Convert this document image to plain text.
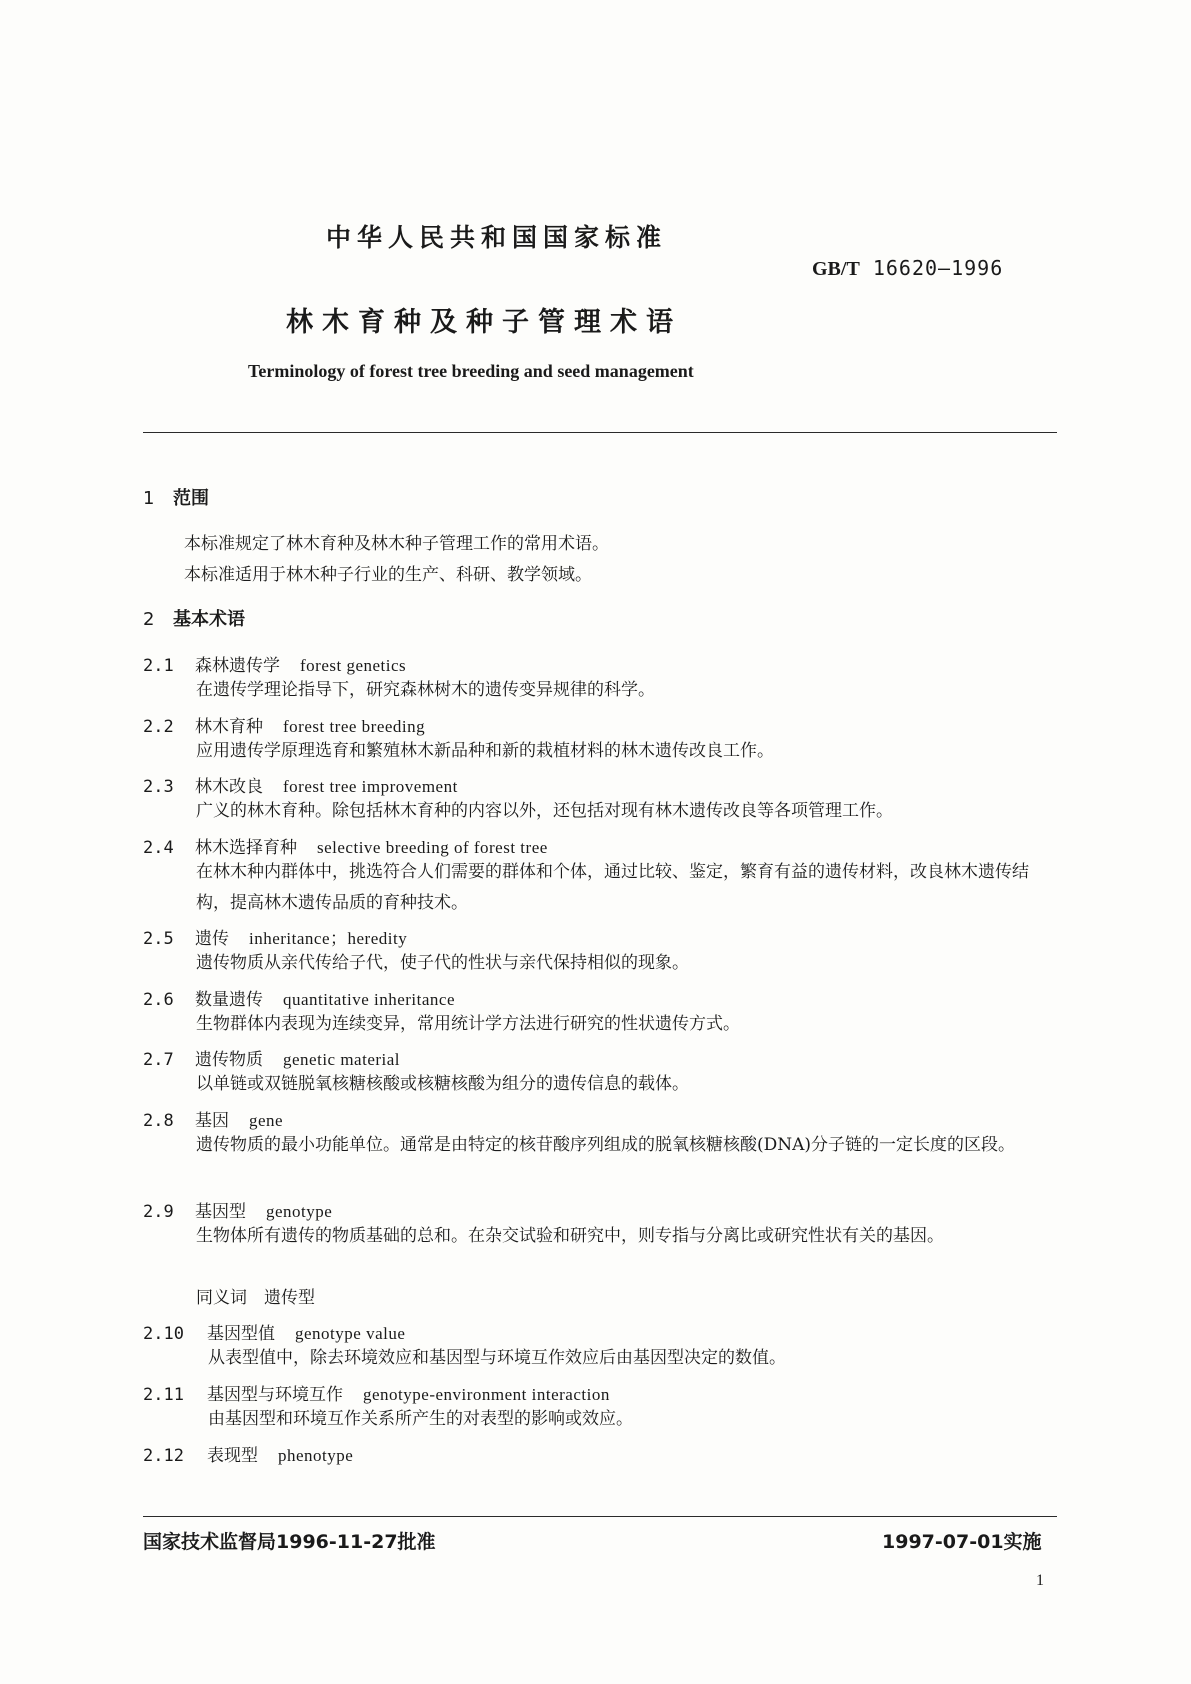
中华人民共和国国家标准
GB/T 16620—1996
林木育种及种子管理术语
Terminology of forest tree breeding and seed management
1 范围
本标准规定了林木育种及林木种子管理工作的常用术语。
本标准适用于林木种子行业的生产、科研、教学领域。
2 基本术语
2.1 森林遗传学 forest genetics
在遗传学理论指导下，研究森林树木的遗传变异规律的科学。
2.2 林木育种 forest tree breeding
应用遗传学原理选育和繁殖林木新品种和新的栽植材料的林木遗传改良工作。
2.3 林木改良 forest tree improvement
广义的林木育种。除包括林木育种的内容以外，还包括对现有林木遗传改良等各项管理工作。
2.4 林木选择育种 selective breeding of forest tree
在林木种内群体中，挑选符合人们需要的群体和个体，通过比较、鉴定，繁育有益的遗传材料，改良林木遗传结构，提高林木遗传品质的育种技术。
2.5 遗传 inheritance；heredity
遗传物质从亲代传给子代，使子代的性状与亲代保持相似的现象。
2.6 数量遗传 quantitative inheritance
生物群体内表现为连续变异，常用统计学方法进行研究的性状遗传方式。
2.7 遗传物质 genetic material
以单链或双链脱氧核糖核酸或核糖核酸为组分的遗传信息的载体。
2.8 基因 gene
遗传物质的最小功能单位。通常是由特定的核苷酸序列组成的脱氧核糖核酸(DNA)分子链的一定长度的区段。
2.9 基因型 genotype
生物体所有遗传的物质基础的总和。在杂交试验和研究中，则专指与分离比或研究性状有关的基因。
同义词　遗传型
2.10 基因型值 genotype value
从表型值中，除去环境效应和基因型与环境互作效应后由基因型决定的数值。
2.11 基因型与环境互作 genotype-environment interaction
由基因型和环境互作关系所产生的对表型的影响或效应。
2.12 表现型 phenotype
国家技术监督局1996-11-27批准	1997-07-01实施
1
